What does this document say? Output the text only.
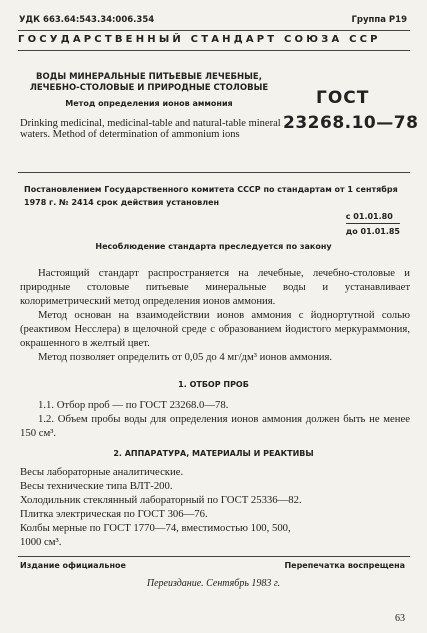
УДК 663.64:543.34:006.354	Группа Р19
ГОСУДАРСТВЕННЫЙ СТАНДАРТ СОЮЗА ССР
ВОДЫ МИНЕРАЛЬНЫЕ ПИТЬЕВЫЕ ЛЕЧЕБНЫЕ,
ЛЕЧЕБНО-СТОЛОВЫЕ И ПРИРОДНЫЕ СТОЛОВЫЕ
Метод определения ионов аммония
Drinking medicinal, medicinal-table and natural-table mineral waters. Method of determination of ammonium ions
ГОСТ
23268.10—78
Постановлением Государственного комитета СССР по стандартам от 1 сентября 1978 г. № 2414 срок действия установлен
с 01.01.80
до 01.01.85
Несоблюдение стандарта преследуется по закону

Настоящий стандарт распространяется на лечебные, лечебно-столовые и природные столовые питьевые минеральные воды и устанавливает колориметрический метод определения ионов аммония.

Метод основан на взаимодействии ионов аммония с йоднортутной солью (реактивом Несслера) в щелочной среде с образованием йодистого меркураммония, окрашенного в желтый цвет.

Метод позволяет определить от 0,05 до 4 мг/дм³ ионов аммония.

1. ОТБОР ПРОБ

1.1. Отбор проб — по ГОСТ 23268.0—78.

1.2. Объем пробы воды для определения ионов аммония должен быть не менее 150 см³.

2. АППАРАТУРА, МАТЕРИАЛЫ И РЕАКТИВЫ
Весы лабораторные аналитические.
Весы технические типа ВЛТ-200.
Холодильник стеклянный лабораторный по ГОСТ 25336—82.
Плитка электрическая по ГОСТ 306—76.
Колбы мерные по ГОСТ 1770—74, вместимостью 100, 500,
1000 см³.
Издание официальное	Перепечатка воспрещена
Переиздание. Сентябрь 1983 г.
63
